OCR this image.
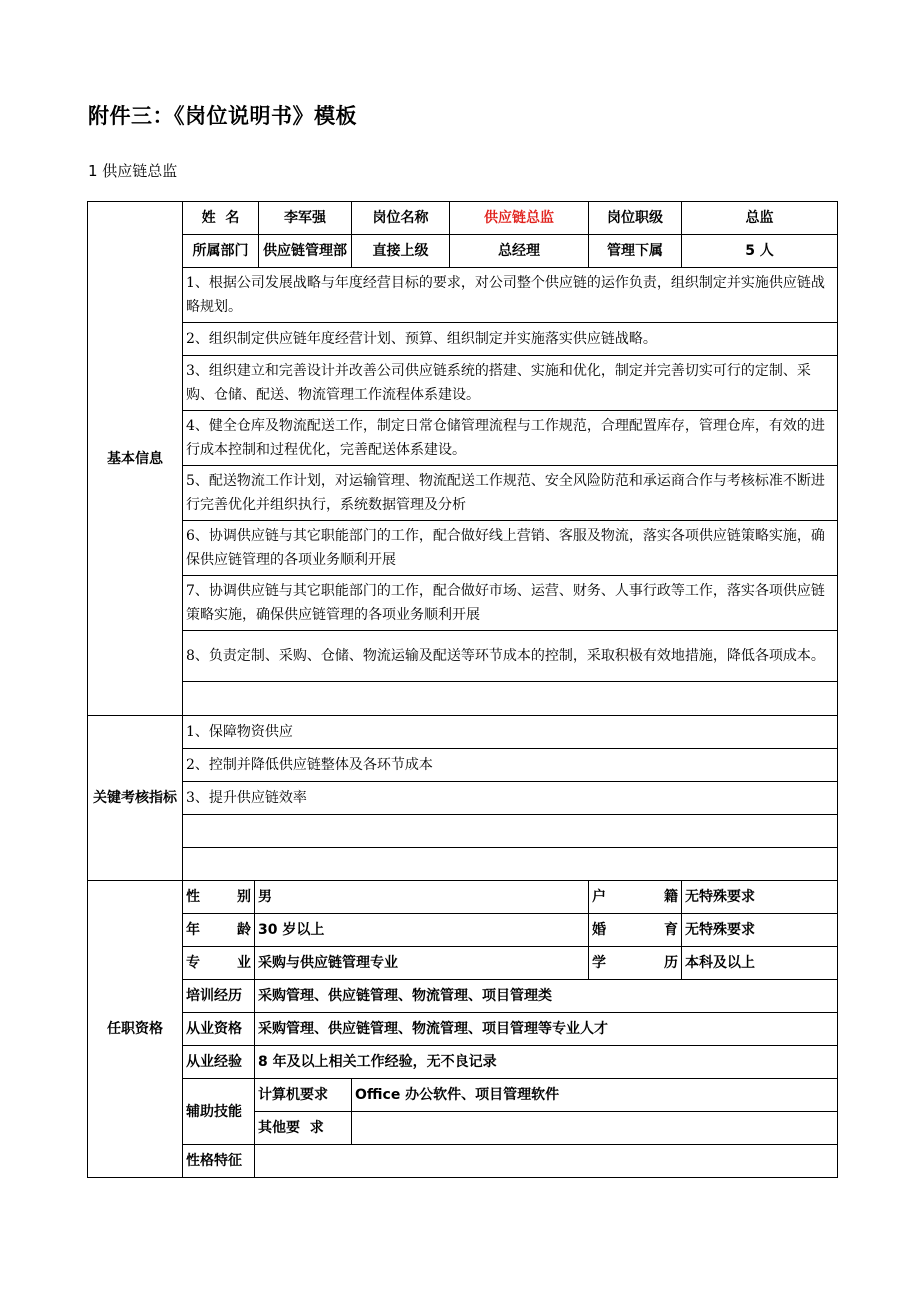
附件三：《岗位说明书》模板
1 供应链总监
基本信息	姓  名		李军强	岗位名称	供应链总监	岗位职级	总监
	所属部门		供应链管理部	直接上级	总经理	管理下属	5 人
	1、根据公司发展战略与年度经营目标的要求，对公司整个供应链的运作负责，组织制定并实施供应链战略规划。						
	2、组织制定供应链年度经营计划、预算、组织制定并实施落实供应链战略。						
	3、组织建立和完善设计并改善公司供应链系统的搭建、实施和优化，制定并完善切实可行的定制、采购、仓储、配送、物流管理工作流程体系建设。						
	4、健全仓库及物流配送工作，制定日常仓储管理流程与工作规范，合理配置库存，管理仓库，有效的进行成本控制和过程优化，完善配送体系建设。						
	5、配送物流工作计划，对运输管理、物流配送工作规范、安全风险防范和承运商合作与考核标准不断进行完善优化并组织执行，系统数据管理及分析						
	6、协调供应链与其它职能部门的工作，配合做好线上营销、客服及物流，落实各项供应链策略实施，确保供应链管理的各项业务顺利开展						
	7、协调供应链与其它职能部门的工作，配合做好市场、运营、财务、人事行政等工作，落实各项供应链策略实施，确保供应链管理的各项业务顺利开展						
	8、负责定制、采购、仓储、物流运输及配送等环节成本的控制，采取积极有效地措施，降低各项成本。						

关键考核指标	1、保障物资供应						
	2、控制并降低供应链整体及各环节成本						
	3、提升供应链效率						

任职资格	性 别	男				户 籍	无特殊要求
	年 龄	30 岁以上				婚 育	无特殊要求
	专 业	采购与供应链管理专业				学 历	本科及以上
	培训经历	采购管理、供应链管理、物流管理、项目管理类					
	从业资格	采购管理、供应链管理、物流管理、项目管理等专业人才					
	从业经验	8 年及以上相关工作经验，无不良记录					
	辅助技能	计算机要求		Office 办公软件、项目管理软件			
		其他要  求					
	性格特征						
